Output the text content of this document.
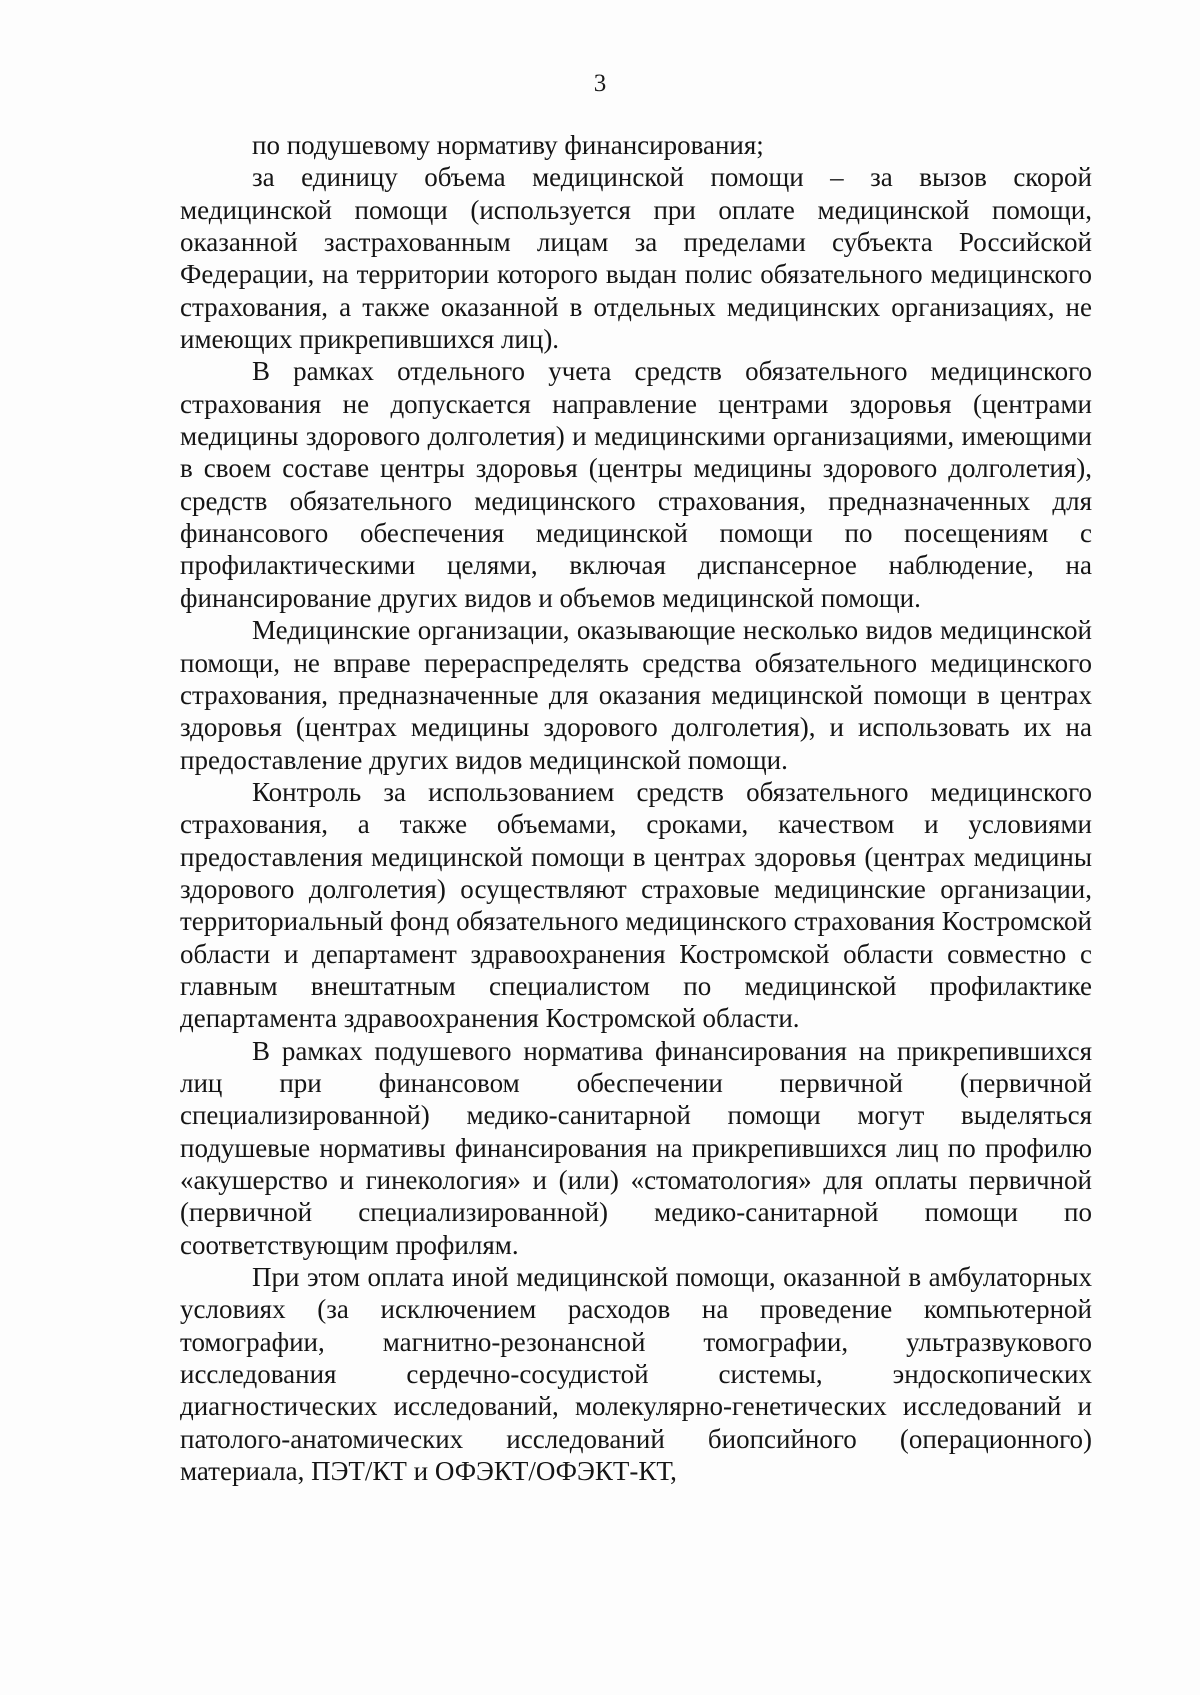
3

по подушевому нормативу финансирования;

за единицу объема медицинской помощи – за вызов скорой медицинской помощи (используется при оплате медицинской помощи, оказанной застрахованным лицам за пределами субъекта Российской Федерации, на территории которого выдан полис обязательного медицинского страхования, а также оказанной в отдельных медицинских организациях, не имеющих прикрепившихся лиц).

В рамках отдельного учета средств обязательного медицинского страхования не допускается направление центрами здоровья (центрами медицины здорового долголетия) и медицинскими организациями, имеющими в своем составе центры здоровья (центры медицины здорового долголетия), средств обязательного медицинского страхования, предназначенных для финансового обеспечения медицинской помощи по посещениям с профилактическими целями, включая диспансерное наблюдение, на финансирование других видов и объемов медицинской помощи.

Медицинские организации, оказывающие несколько видов медицинской помощи, не вправе перераспределять средства обязательного медицинского страхования, предназначенные для оказания медицинской помощи в центрах здоровья (центрах медицины здорового долголетия), и использовать их на предоставление других видов медицинской помощи.

Контроль за использованием средств обязательного медицинского страхования, а также объемами, сроками, качеством и условиями предоставления медицинской помощи в центрах здоровья (центрах медицины здорового долголетия) осуществляют страховые медицинские организации, территориальный фонд обязательного медицинского страхования Костромской области и департамент здравоохранения Костромской области совместно с главным внештатным специалистом по медицинской профилактике департамента здравоохранения Костромской области.

В рамках подушевого норматива финансирования на прикрепившихся лиц при финансовом обеспечении первичной (первичной специализированной) медико-санитарной помощи могут выделяться подушевые нормативы финансирования на прикрепившихся лиц по профилю «акушерство и гинекология» и (или) «стоматология» для оплаты первичной (первичной специализированной) медико-санитарной помощи по соответствующим профилям.

При этом оплата иной медицинской помощи, оказанной в амбулаторных условиях (за исключением расходов на проведение компьютерной томографии, магнитно-резонансной томографии, ультразвукового исследования сердечно-сосудистой системы, эндоскопических диагностических исследований, молекулярно-генетических исследований и патолого-анатомических исследований биопсийного (операционного) материала, ПЭТ/КТ и ОФЭКТ/ОФЭКТ-КТ,
